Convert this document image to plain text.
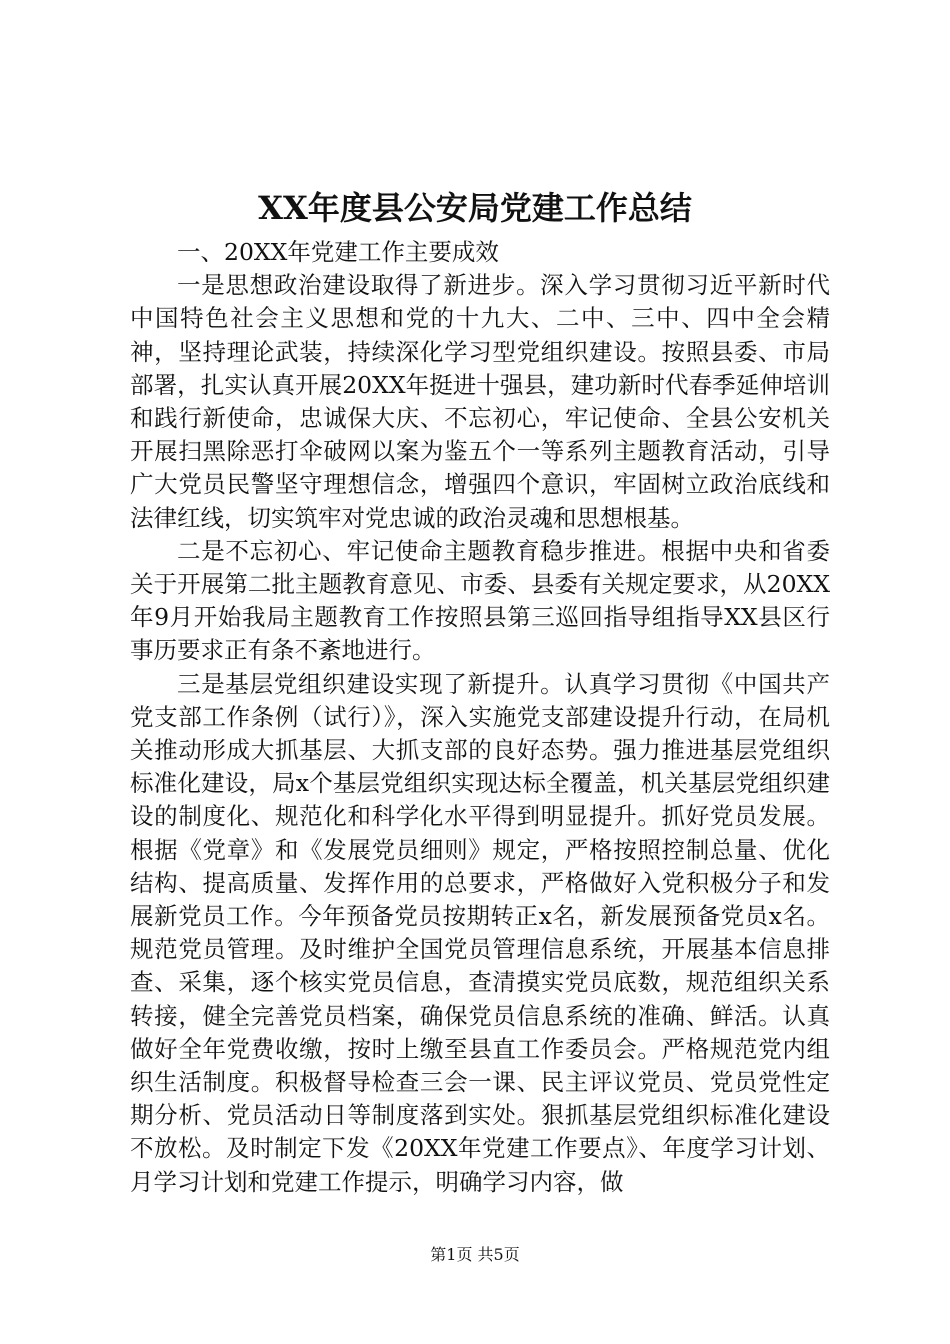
XX年度县公安局党建工作总结

一、20XX年党建工作主要成效

一是思想政治建设取得了新进步。深入学习贯彻习近平新时代中国特色社会主义思想和党的十九大、二中、三中、四中全会精神，坚持理论武装，持续深化学习型党组织建设。按照县委、市局部署，扎实认真开展20XX年挺进十强县，建功新时代春季延伸培训和践行新使命，忠诚保大庆、不忘初心，牢记使命、全县公安机关开展扫黑除恶打伞破网以案为鉴五个一等系列主题教育活动，引导广大党员民警坚守理想信念，增强四个意识，牢固树立政治底线和法律红线，切实筑牢对党忠诚的政治灵魂和思想根基。

二是不忘初心、牢记使命主题教育稳步推进。根据中央和省委关于开展第二批主题教育意见、市委、县委有关规定要求，从20XX年9月开始我局主题教育工作按照县第三巡回指导组指导XX县区行事历要求正有条不紊地进行。

三是基层党组织建设实现了新提升。认真学习贯彻《中国共产党支部工作条例（试行）》，深入实施党支部建设提升行动，在局机关推动形成大抓基层、大抓支部的良好态势。强力推进基层党组织标准化建设，局x个基层党组织实现达标全覆盖，机关基层党组织建设的制度化、规范化和科学化水平得到明显提升。抓好党员发展。根据《党章》和《发展党员细则》规定，严格按照控制总量、优化结构、提高质量、发挥作用的总要求，严格做好入党积极分子和发展新党员工作。今年预备党员按期转正x名，新发展预备党员x名。规范党员管理。及时维护全国党员管理信息系统，开展基本信息排查、采集，逐个核实党员信息，查清摸实党员底数，规范组织关系转接，健全完善党员档案，确保党员信息系统的准确、鲜活。认真做好全年党费收缴，按时上缴至县直工作委员会。严格规范党内组织生活制度。积极督导检查三会一课、民主评议党员、党员党性定期分析、党员活动日等制度落到实处。狠抓基层党组织标准化建设不放松。及时制定下发《20XX年党建工作要点》、年度学习计划、月学习计划和党建工作提示，明确学习内容，做

第1页 共5页
